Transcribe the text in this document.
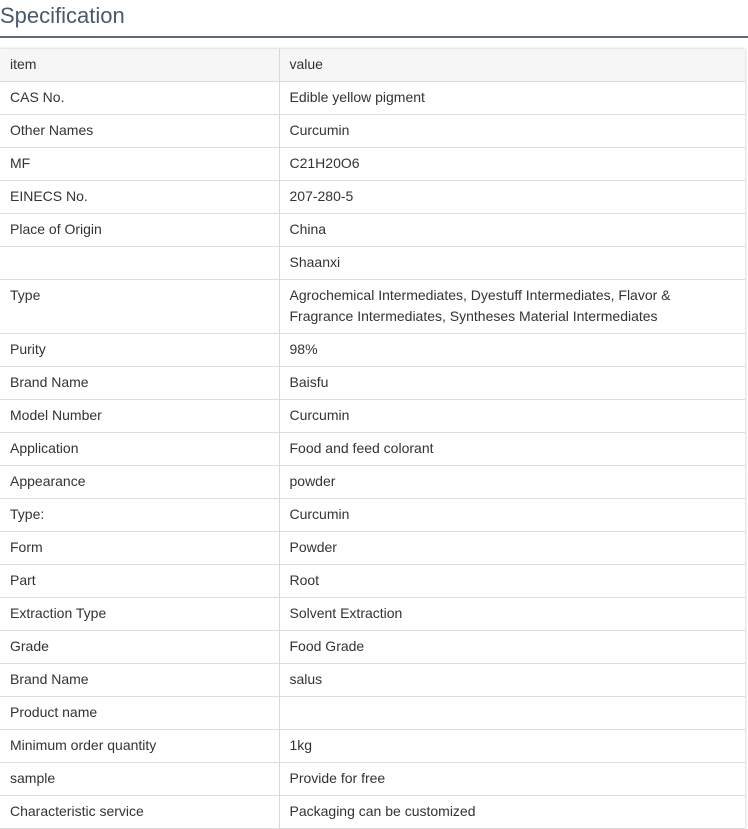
Specification
item	value
CAS No.	Edible yellow pigment
Other Names	Curcumin
MF	C21H20O6
EINECS No.	207-280-5
Place of Origin	China
	Shaanxi
Type	Agrochemical Intermediates, Dyestuff Intermediates, Flavor & Fragrance Intermediates, Syntheses Material Intermediates
Purity	98%
Brand Name	Baisfu
Model Number	Curcumin
Application	Food and feed colorant
Appearance	powder
Type:	Curcumin
Form	Powder
Part	Root
Extraction Type	Solvent Extraction
Grade	Food Grade
Brand Name	salus
Product name	
Minimum order quantity	1kg
sample	Provide for free
Characteristic service	Packaging can be customized
